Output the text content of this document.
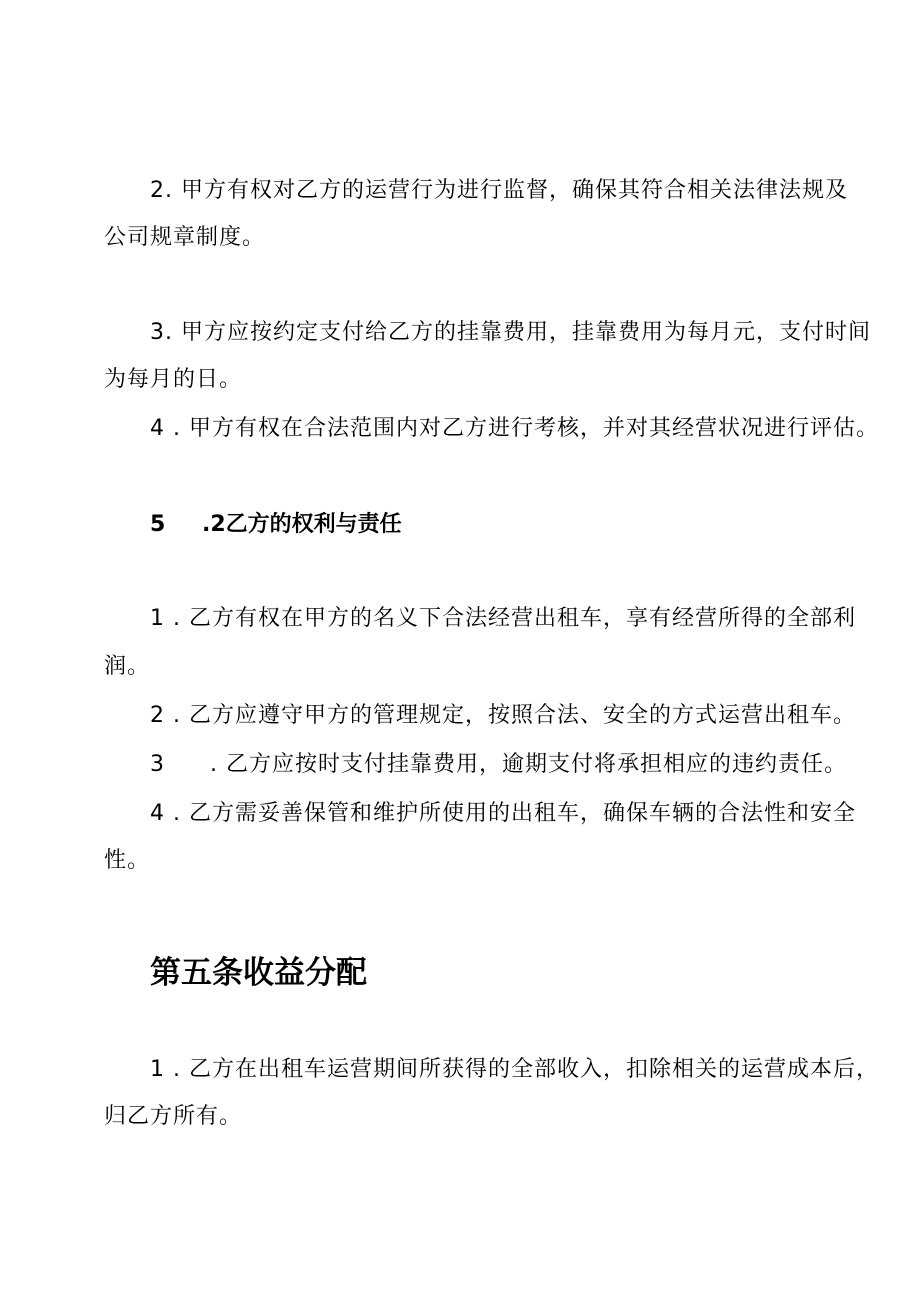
2. 甲方有权对乙方的运营行为进行监督，确保其符合相关法律法规及
公司规章制度。
3. 甲方应按约定支付给乙方的挂靠费用，挂靠费用为每月元，支付时间
为每月的日。
4 . 甲方有权在合法范围内对乙方进行考核，并对其经营状况进行评估。
5 .2乙方的权利与责任
1 . 乙方有权在甲方的名义下合法经营出租车，享有经营所得的全部利
润。
2 . 乙方应遵守甲方的管理规定，按照合法、安全的方式运营出租车。
3 . 乙方应按时支付挂靠费用，逾期支付将承担相应的违约责任。
4 . 乙方需妥善保管和维护所使用的出租车，确保车辆的合法性和安全
性。
第五条收益分配
1 . 乙方在出租车运营期间所获得的全部收入，扣除相关的运营成本后，
归乙方所有。
